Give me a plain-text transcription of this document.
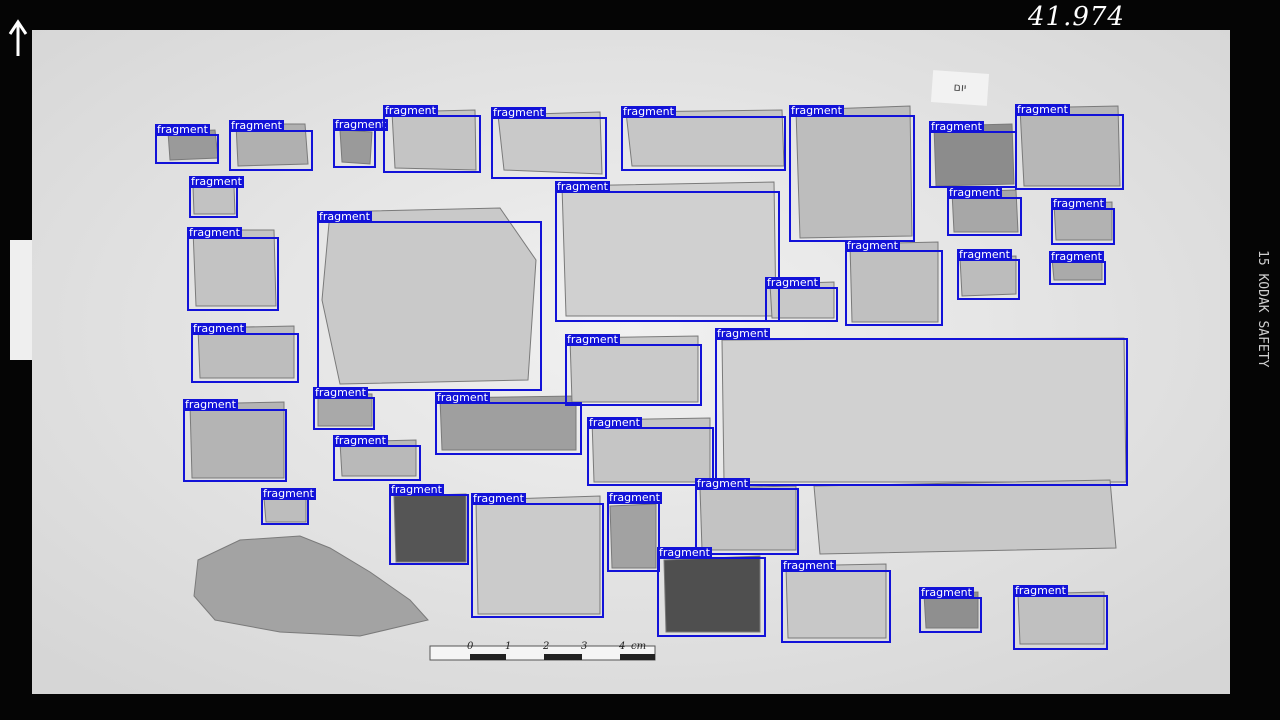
41.974
15 KODAK SAFETY
יום
0	1	2	3	4 cm
fragment fragment	fragment
fragment	fragment	fragment	fragment
fragment
fragment
fragment
fragment
fragment
fragment	fragment
fragment
fragment
fragment
fragment
fragment
fragment
fragment	fragment
fragment	fragment
fragment
fragment
fragment
fragment	fragment
fragment	fragment
fragment
fragment
fragment
fragment	fragment
